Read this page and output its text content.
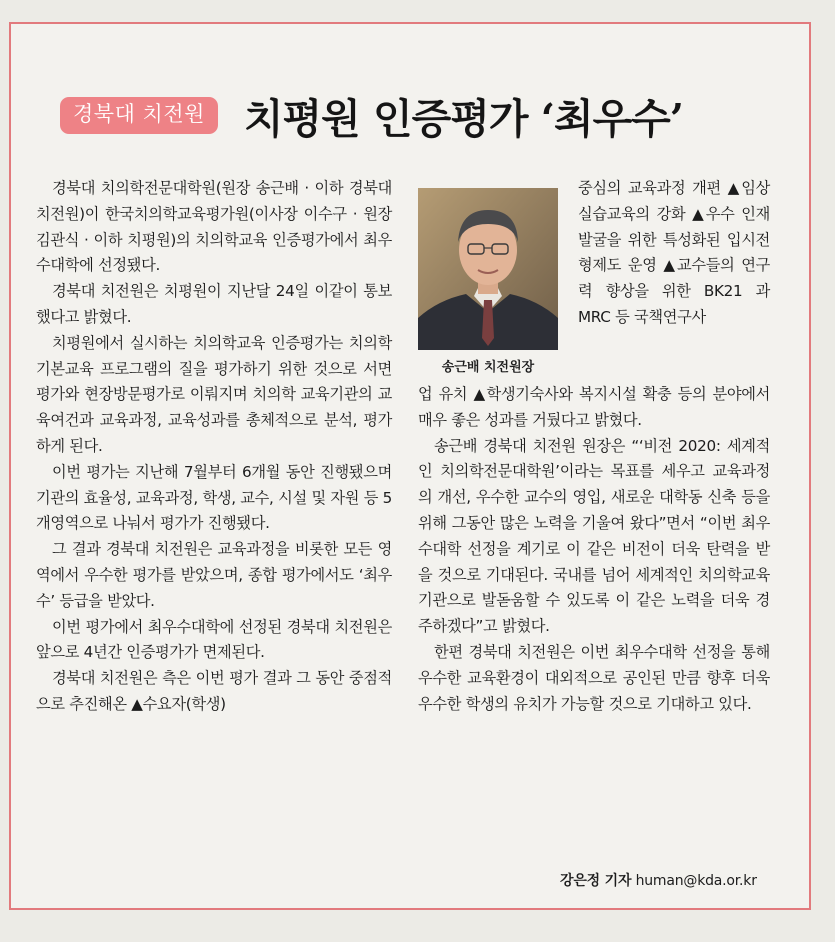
경북대 치전원 치평원 인증평가 ‘최우수’

경북대 치의학전문대학원(원장 송근배 · 이하 경북대 치전원)이 한국치의학교육평가원(이사장 이수구 · 원장 김관식 · 이하 치평원)의 치의학교육 인증평가에서 최우수대학에 선정됐다.

경북대 치전원은 치평원이 지난달 24일 이같이 통보했다고 밝혔다.

치평원에서 실시하는 치의학교육 인증평가는 치의학 기본교육 프로그램의 질을 평가하기 위한 것으로 서면평가와 현장방문평가로 이뤄지며 치의학 교육기관의 교육여건과 교육과정, 교육성과를 총체적으로 분석, 평가하게 된다.

이번 평가는 지난해 7월부터 6개월 동안 진행됐으며 기관의 효율성, 교육과정, 학생, 교수, 시설 및 자원 등 5개영역으로 나눠서 평가가 진행됐다.

그 결과 경북대 치전원은 교육과정을 비롯한 모든 영역에서 우수한 평가를 받았으며, 종합 평가에서도 ‘최우수’ 등급을 받았다.

이번 평가에서 최우수대학에 선정된 경북대 치전원은 앞으로 4년간 인증평가가 면제된다.

경북대 치전원은 측은 이번 평가 결과 그 동안 중점적으로 추진해온 ▲수요자(학생)

송근배 치전원장

중심의 교육과정 개편 ▲임상실습교육의 강화 ▲우수 인재 발굴을 위한 특성화된 입시전형제도 운영 ▲교수들의 연구력 향상을 위한 BK21 과 MRC 등 국책연구사

업 유치 ▲학생기숙사와 복지시설 확충 등의 분야에서 매우 좋은 성과를 거뒀다고 밝혔다.

송근배 경북대 치전원 원장은 “‘비전 2020: 세계적인 치의학전문대학원’이라는 목표를 세우고 교육과정의 개선, 우수한 교수의 영입, 새로운 대학동 신축 등을 위해 그동안 많은 노력을 기울여 왔다”면서 “이번 최우수대학 선정을 계기로 이 같은 비전이 더욱 탄력을 받을 것으로 기대된다. 국내를 넘어 세계적인 치의학교육기관으로 발돋움할 수 있도록 이 같은 노력을 더욱 경주하겠다”고 밝혔다.

한편 경북대 치전원은 이번 최우수대학 선정을 통해 우수한 교육환경이 대외적으로 공인된 만큼 향후 더욱 우수한 학생의 유치가 가능할 것으로 기대하고 있다.

강은정 기자 human@kda.or.kr
